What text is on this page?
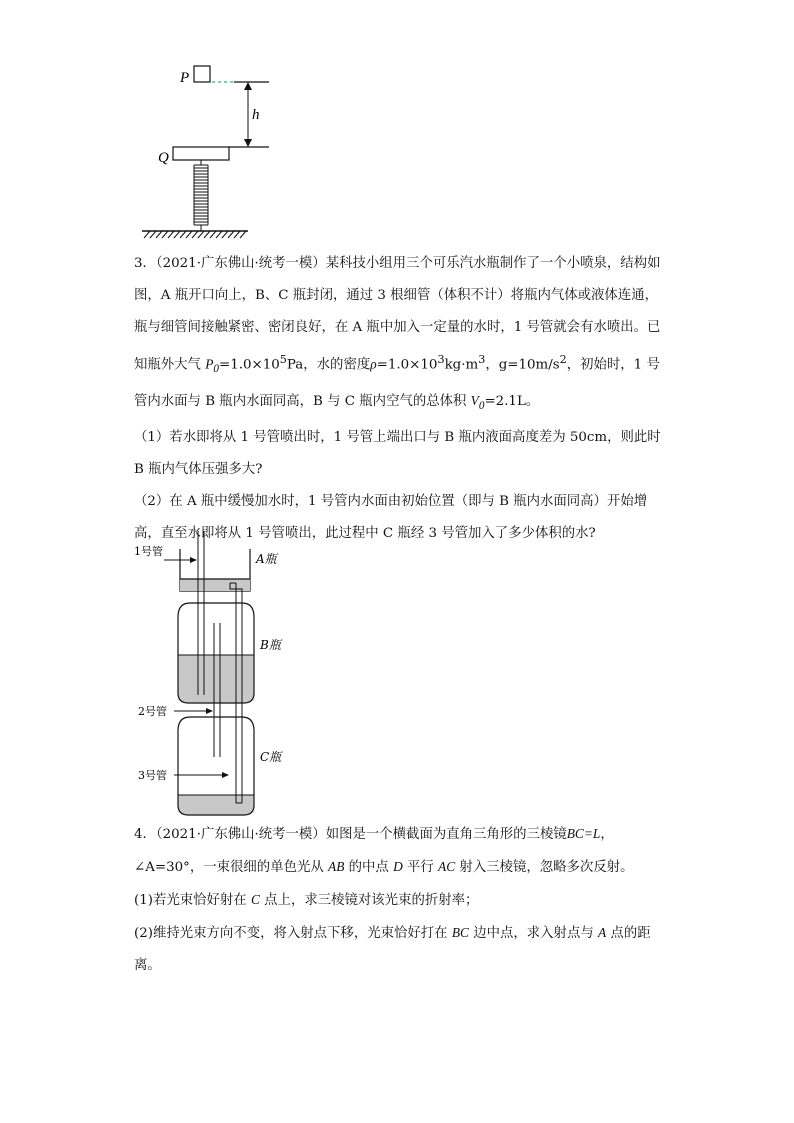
P
h
Q

3．（2021·广东佛山·统考一模）某科技小组用三个可乐汽水瓶制作了一个小喷泉，结构如图，A 瓶开口向上，B、C 瓶封闭，通过 3 根细管（体积不计）将瓶内气体或液体连通，瓶与细管间接触紧密、密闭良好，在 A 瓶中加入一定量的水时，1 号管就会有水喷出。已知瓶外大气 $P_0=1.0\times 10^5Pa$，水的密度$\rho=1.0\times 10^3kg\cdot m^3$，$g=10m/s^2$，初始时，1 号管内水面与 B 瓶内水面同高，B 与 C 瓶内空气的总体积 $V_0=2.1L$。

（1）若水即将从 1 号管喷出时，1 号管上端出口与 B 瓶内液面高度差为 50cm，则此时 B 瓶内气体压强多大?

（2）在 A 瓶中缓慢加水时，1 号管内水面由初始位置（即与 B 瓶内水面同高）开始增高，直至水即将从 1 号管喷出，此过程中 C 瓶经 3 号管加入了多少体积的水?

A瓶
B瓶
C瓶
1号管
2号管
3号管

4．（2021·广东佛山·统考一模）如图是一个横截面为直角三角形的三棱镜BC=L，∠A=30°，一束很细的单色光从 AB 的中点 D 平行 AC 射入三棱镜，忽略多次反射。

(1)若光束恰好射在 C 点上，求三棱镜对该光束的折射率；

(2)维持光束方向不变，将入射点下移，光束恰好打在 BC 边中点，求入射点与 A 点的距离。
